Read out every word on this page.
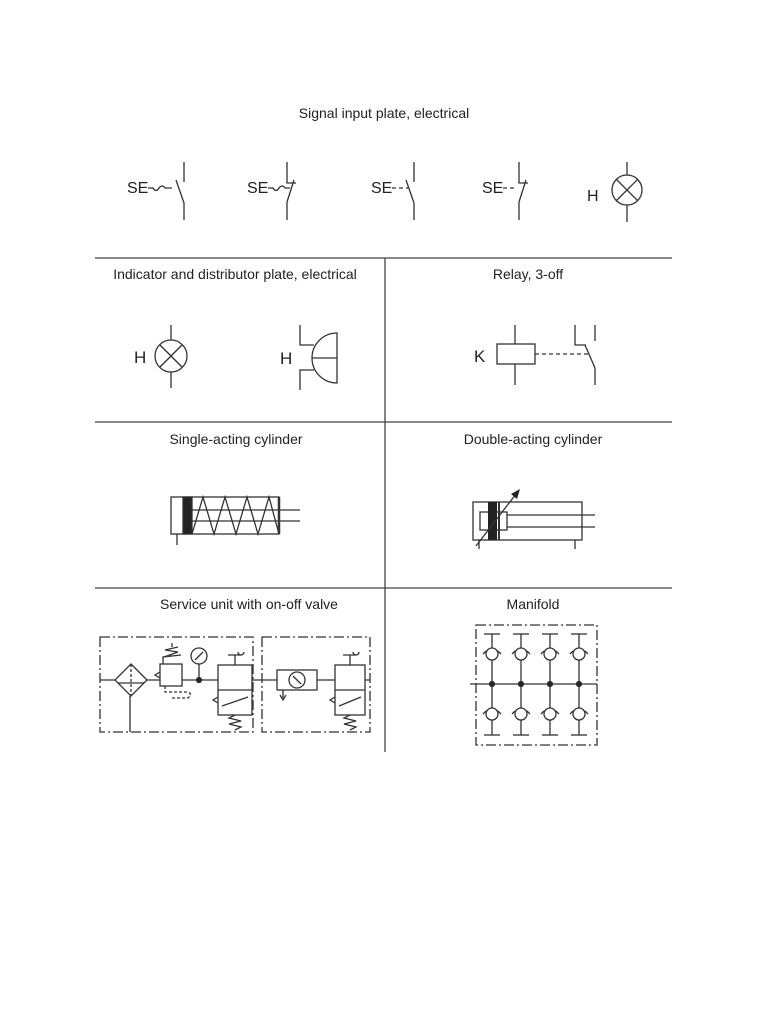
Signal input plate, electrical
Indicator and distributor plate, electrical	Relay, 3-off
Single-acting cylinder	Double-acting cylinder
Service unit with on-off valve	Manifold
SE	SE	SE	SE	H
H	H	K
